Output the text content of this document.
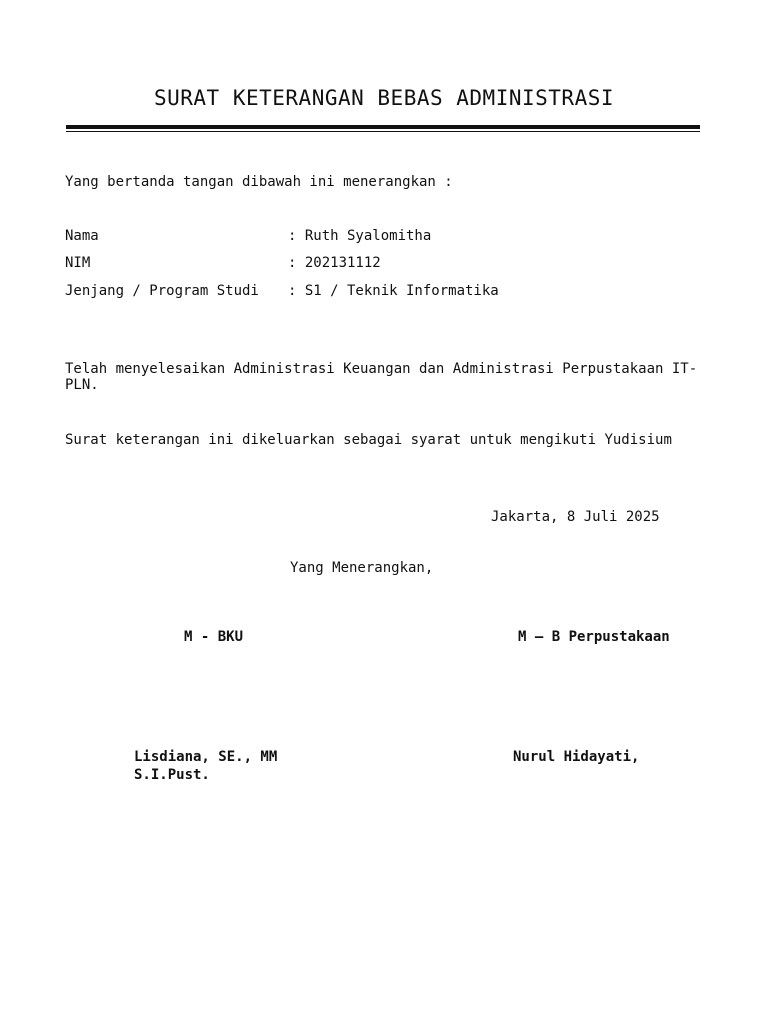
SURAT KETERANGAN BEBAS ADMINISTRASI
Yang bertanda tangan dibawah ini menerangkan :
Nama	: Ruth Syalomitha
NIM	: 202131112
Jenjang / Program Studi : S1 / Teknik Informatika
Telah menyelesaikan Administrasi Keuangan dan Administrasi Perpustakaan IT-PLN.
Surat keterangan ini dikeluarkan sebagai syarat untuk mengikuti Yudisium
Jakarta, 8 Juli 2025
Yang Menerangkan,
M - BKU	M – B Perpustakaan
Lisdiana, SE., MM	Nurul Hidayati,
S.I.Pust.
